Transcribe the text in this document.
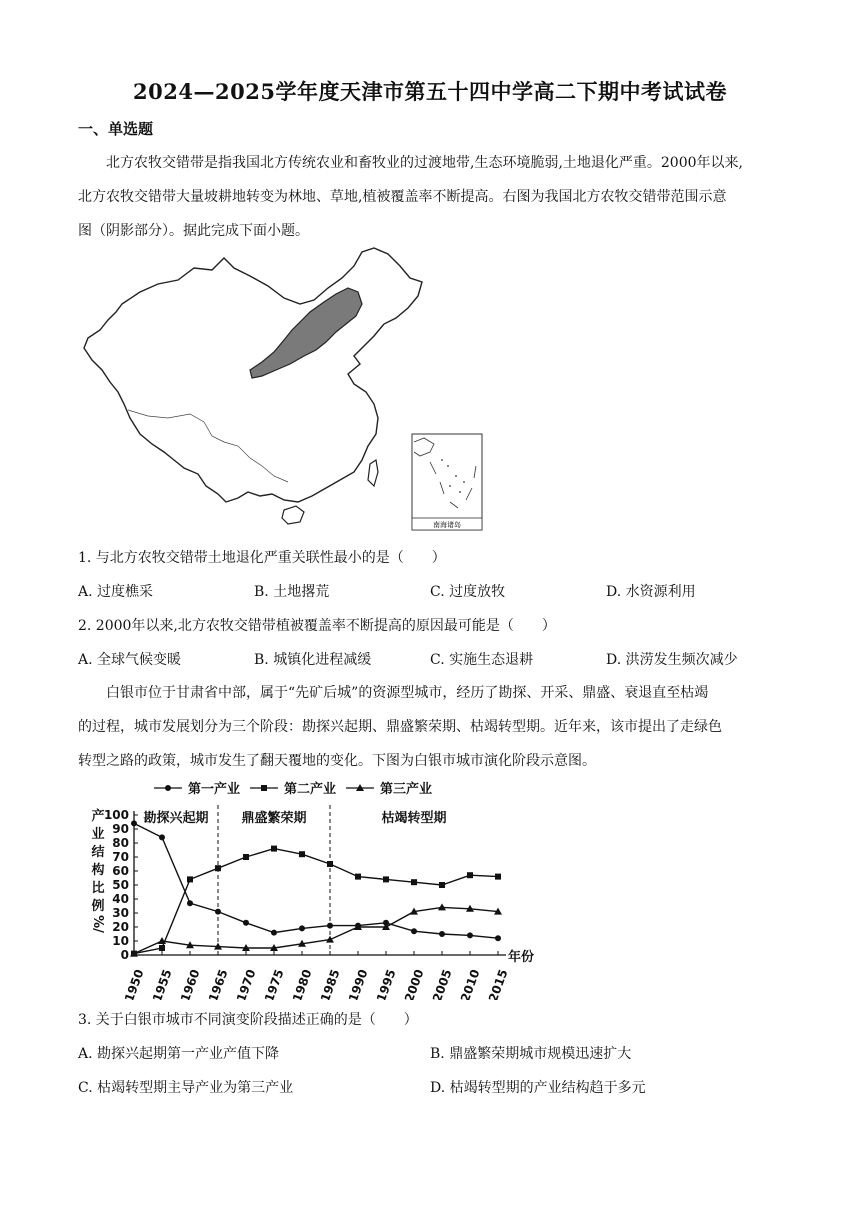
2024—2025学年度天津市第五十四中学高二下期中考试试卷
一、单选题
北方农牧交错带是指我国北方传统农业和畜牧业的过渡地带,生态环境脆弱,土地退化严重。2000年以来,
北方农牧交错带大量坡耕地转变为林地、草地,植被覆盖率不断提高。右图为我国北方农牧交错带范围示意
图（阴影部分）。据此完成下面小题。
南海诸岛
1. 与北方农牧交错带土地退化严重关联性最小的是（　　）
A. 过度樵采	B. 土地撂荒	C. 过度放牧	D. 水资源利用
2. 2000年以来,北方农牧交错带植被覆盖率不断提高的原因最可能是（　　）
A. 全球气候变暖	B. 城镇化进程减缓	C. 实施生态退耕	D. 洪涝发生频次减少
白银市位于甘肃省中部，属于“先矿后城”的资源型城市，经历了勘探、开采、鼎盛、衰退直至枯竭
的过程，城市发展划分为三个阶段：勘探兴起期、鼎盛繁荣期、枯竭转型期。近年来，该市提出了走绿色
转型之路的政策，城市发生了翻天覆地的变化。下图为白银市城市演化阶段示意图。
第一产业	第二产业	第三产业
0
10
20
30
40
50
60
70
80
90
100
产
业
结
构
比
例
%/
1950 1955 1960 1965 1970 1975 1980 1985 1990 1995 2000 2005 2010 2015
年份
勘探兴起期	鼎盛繁荣期	枯竭转型期
3. 关于白银市城市不同演变阶段描述正确的是（　　）
A. 勘探兴起期第一产业产值下降	B. 鼎盛繁荣期城市规模迅速扩大
C. 枯竭转型期主导产业为第三产业	D. 枯竭转型期的产业结构趋于多元
